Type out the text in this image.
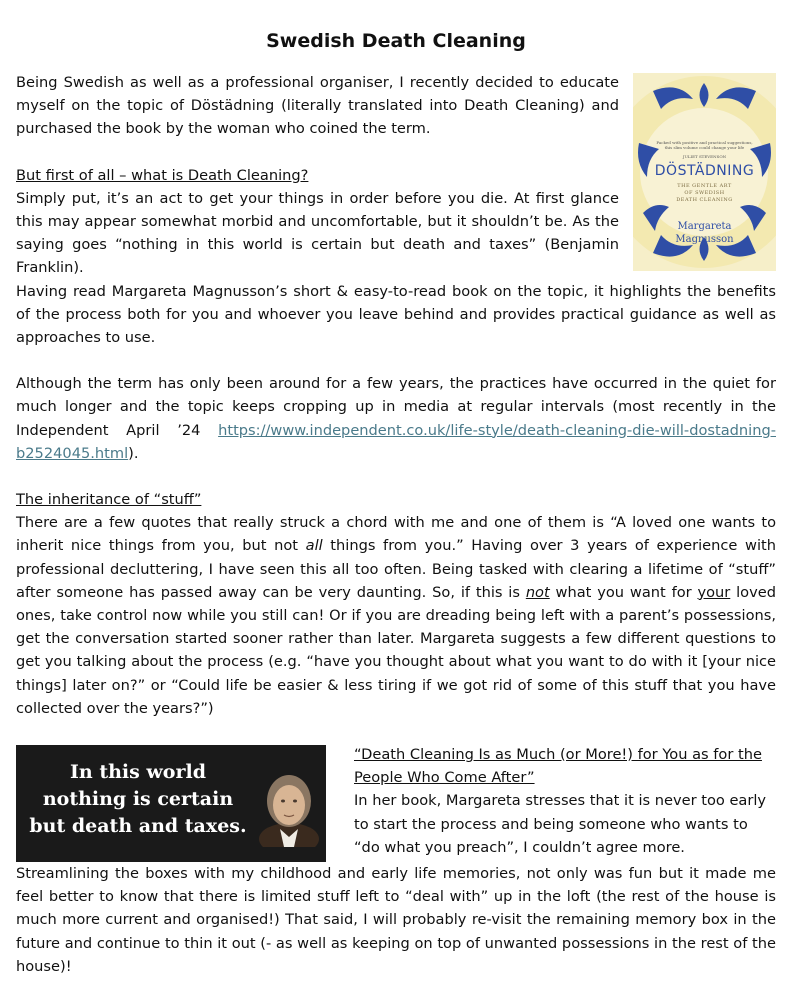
Swedish Death Cleaning
Packed with positive and practical suggestions, this slim volume could change your life
JULIET STEVENSON
DÖSTÄDNING
THE GENTLE ART OF SWEDISH DEATH CLEANING
Margareta
Magnusson

Being Swedish as well as a professional organiser, I recently decided to educate myself on the topic of Döstädning (literally translated into Death Cleaning) and purchased the book by the woman who coined the term.

But first of all – what is Death Cleaning?

Simply put, it’s an act to get your things in order before you die. At first glance this may appear somewhat morbid and uncomfortable, but it shouldn’t be. As the saying goes “nothing in this world is certain but death and taxes” (Benjamin Franklin).

Having read Margareta Magnusson’s short & easy-to-read book on the topic, it highlights the benefits of the process both for you and whoever you leave behind and provides practical guidance as well as approaches to use.

Although the term has only been around for a few years, the practices have occurred in the quiet for much longer and the topic keeps cropping up in media at regular intervals (most recently in the Independent April ’24 https://www.independent.co.uk/life-style/death-cleaning-die-will-dostadning-b2524045.html).

The inheritance of “stuff”

There are a few quotes that really struck a chord with me and one of them is “A loved one wants to inherit nice things from you, but not all things from you.” Having over 3 years of experience with professional decluttering, I have seen this all too often. Being tasked with clearing a lifetime of “stuff” after someone has passed away can be very daunting. So, if this is not what you want for your loved ones, take control now while you still can! Or if you are dreading being left with a parent’s possessions, get the conversation started sooner rather than later. Margareta suggests a few different questions to get you talking about the process (e.g. “have you thought about what you want to do with it [your nice things] later on?” or “Could life be easier & less tiring if we got rid of some of this stuff that you have collected over the years?”)

In this world
nothing is certain
but death and taxes.

“Death Cleaning Is as Much (or More!) for You as for the People Who Come After”

In her book, Margareta stresses that it is never too early to start the process and being someone who wants to “do what you preach”, I couldn’t agree more.

Streamlining the boxes with my childhood and early life memories, not only was fun but it made me feel better to know that there is limited stuff left to “deal with” up in the loft (the rest of the house is much more current and organised!) That said, I will probably re-visit the remaining memory box in the future and continue to thin it out (- as well as keeping on top of unwanted possessions in the rest of the house)!
